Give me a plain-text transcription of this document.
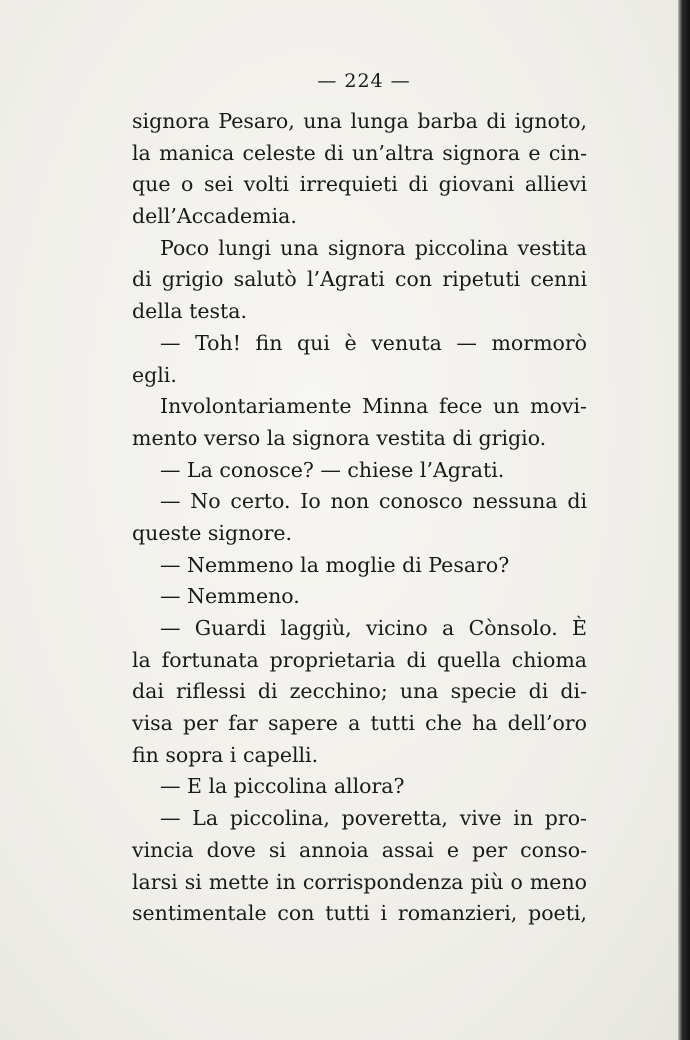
— 224 —
signora Pesaro, una lunga barba di ignoto,
la manica celeste di un’altra signora e cin-
que o sei volti irrequieti di giovani allievi
dell’Accademia.
Poco lungi una signora piccolina vestita
di grigio salutò l’Agrati con ripetuti cenni
della testa.
— Toh! fin qui è venuta — mormorò
egli.
Involontariamente Minna fece un movi-
mento verso la signora vestita di grigio.
— La conosce? — chiese l’Agrati.
— No certo. Io non conosco nessuna di
queste signore.
— Nemmeno la moglie di Pesaro?
— Nemmeno.
— Guardi laggiù, vicino a Cònsolo. È
la fortunata proprietaria di quella chioma
dai riflessi di zecchino; una specie di di-
visa per far sapere a tutti che ha dell’oro
fin sopra i capelli.
— E la piccolina allora?
— La piccolina, poveretta, vive in pro-
vincia dove si annoia assai e per conso-
larsi si mette in corrispondenza più o meno
sentimentale con tutti i romanzieri, poeti,
